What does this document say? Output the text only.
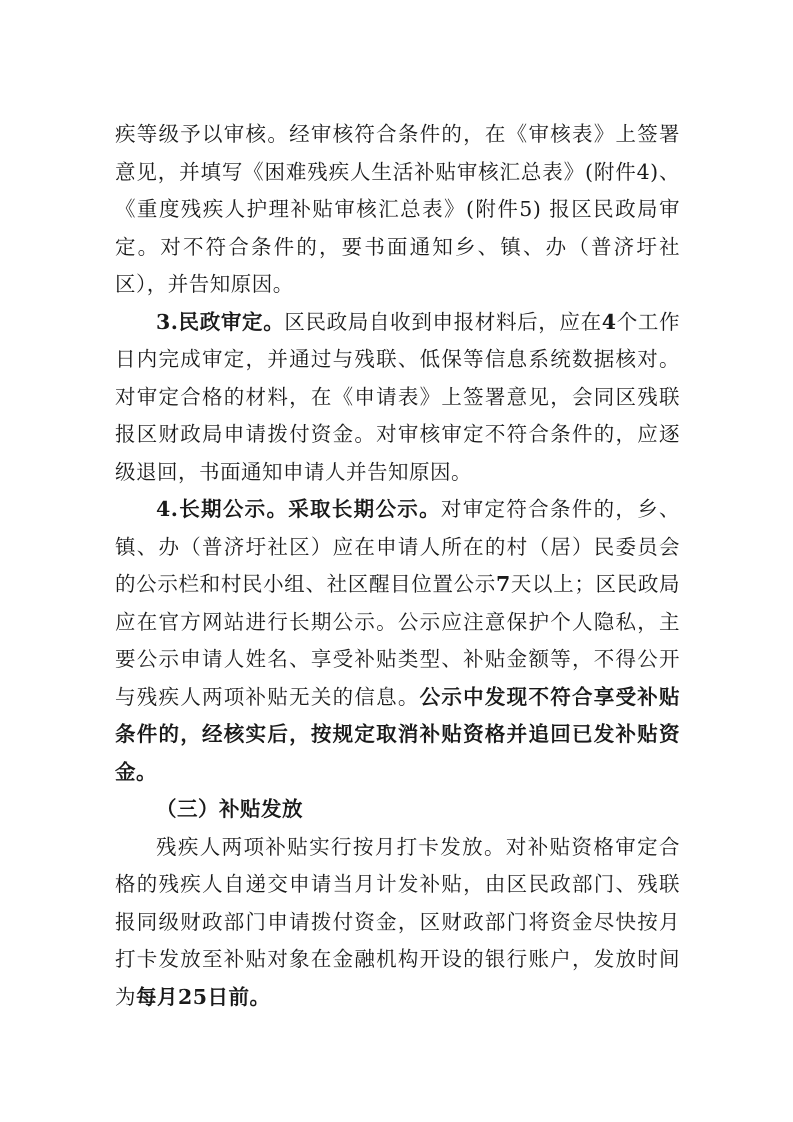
疾等级予以审核。经审核符合条件的，在《审核表》上签署意见，并填写《困难残疾人生活补贴审核汇总表》(附件4)、《重度残疾人护理补贴审核汇总表》(附件5) 报区民政局审定。对不符合条件的，要书面通知乡、镇、办（普济圩社区），并告知原因。

3.民政审定。区民政局自收到申报材料后，应在4个工作日内完成审定，并通过与残联、低保等信息系统数据核对。对审定合格的材料，在《申请表》上签署意见，会同区残联报区财政局申请拨付资金。对审核审定不符合条件的，应逐级退回，书面通知申请人并告知原因。

4.长期公示。采取长期公示。对审定符合条件的，乡、镇、办（普济圩社区）应在申请人所在的村（居）民委员会的公示栏和村民小组、社区醒目位置公示7天以上；区民政局应在官方网站进行长期公示。公示应注意保护个人隐私，主要公示申请人姓名、享受补贴类型、补贴金额等，不得公开与残疾人两项补贴无关的信息。公示中发现不符合享受补贴条件的，经核实后，按规定取消补贴资格并追回已发补贴资金。

（三）补贴发放

残疾人两项补贴实行按月打卡发放。对补贴资格审定合格的残疾人自递交申请当月计发补贴，由区民政部门、残联报同级财政部门申请拨付资金，区财政部门将资金尽快按月打卡发放至补贴对象在金融机构开设的银行账户，发放时间为每月25日前。
